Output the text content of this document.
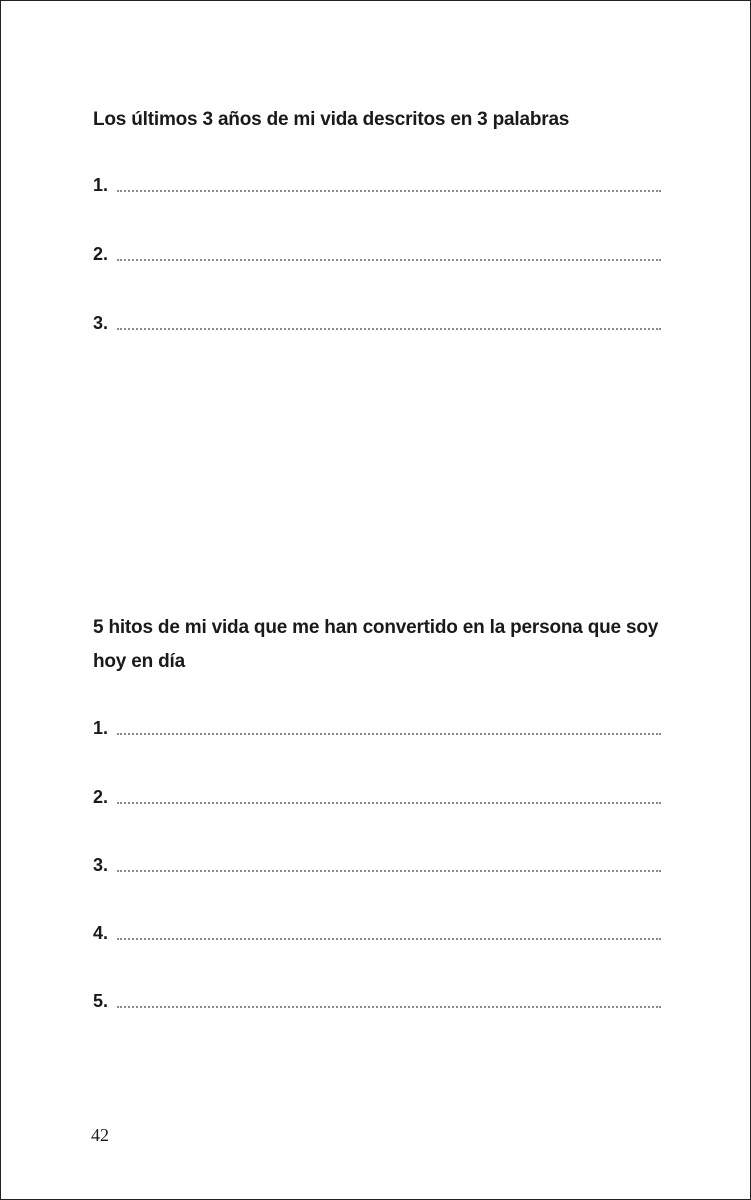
Los últimos 3 años de mi vida descritos en 3 palabras
1.
2.
3.
5 hitos de mi vida que me han convertido en la persona que soy hoy en día
1.
2.
3.
4.
5.
42
